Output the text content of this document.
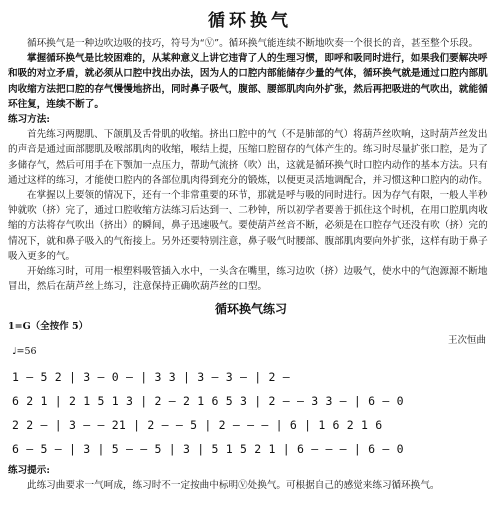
循环换气

循环换气是一种边吹边吸的技巧，符号为“Ⓥ”。循环换气能连续不断地吹奏一个很长的音，甚至整个乐段。

掌握循环换气是比较困难的，从某种意义上讲它违背了人的生理习惯，即呼和吸同时进行，如果我们要解决呼和吸的对立矛盾，就必须从口腔中找出办法，因为人的口腔内部能储存少量的气体，循环换气就是通过口腔内部肌肉收缩方法把口腔的存气慢慢地挤出，同时鼻子吸气，腹部、腰部肌肉向外扩张，然后再把吸进的气吹出，就能循环往复，连续不断了。

练习方法:

首先练习两腮肌、下颌肌及舌骨肌的收缩。挤出口腔中的气（不是肺部的气）将葫芦丝吹响，这时葫芦丝发出的声音是通过面部腮肌及喉部肌肉的收缩，喉结上提，压缩口腔留存的气体产生的。练习时尽量扩张口腔，是为了多储存气，然后可用手在下颚加一点压力，帮助气流挤（吹）出，这就是循环换气时口腔内动作的基本方法。只有通过这样的练习，才能使口腔内的各部位肌肉得到充分的锻炼，以便更灵活地调配合，并习惯这种口腔内的动作。

在掌握以上要领的情况下，还有一个非常重要的环节，那就是呼与吸的同时进行。因为存气有限，一般人半秒钟就吹（挤）完了，通过口腔收缩方法练习后达到一、二秒钟，所以初学者要善于抓住这个时机，在用口腔肌肉收缩的方法将存气吹出（挤出）的瞬间，鼻子迅速吸气。要使葫芦丝音不断，必须是在口腔存气还没有吹（挤）完的情况下，就和鼻子吸入的气衔接上。另外还要特别注意，鼻子吸气时腰部、腹部肌肉要向外扩张，这样有助于鼻子吸入更多的气。

开始练习时，可用一根塑料吸管插入水中，一头含在嘴里，练习边吹（挤）边吸气，使水中的气泡源源不断地冒出，然后在葫芦丝上练习，注意保持正确吹葫芦丝的口型。

循环换气练习
1=G（全按作 5）
王次恒曲
♩=56
1 — 5 2 | 3 — 0 — | 3 3 | 3 — 3 — | 2 —
6 2 1 | 2 1 5 1 3 | 2 — 2 1 6 5 3 | 2 — — 3 3 — | 6 — 0
2 2 — | 3 — — 21 | 2 — — 5 | 2 — — — | 6 | 1 6 2 1 6
6 — 5 — | 3 | 5 — — 5 | 3 | 5 1 5 2 1 | 6 — — — | 6 — 0

练习提示:

此练习曲要求一气呵成，练习时不一定按曲中标明Ⓥ处换气。可根据自己的感觉来练习循环换气。
